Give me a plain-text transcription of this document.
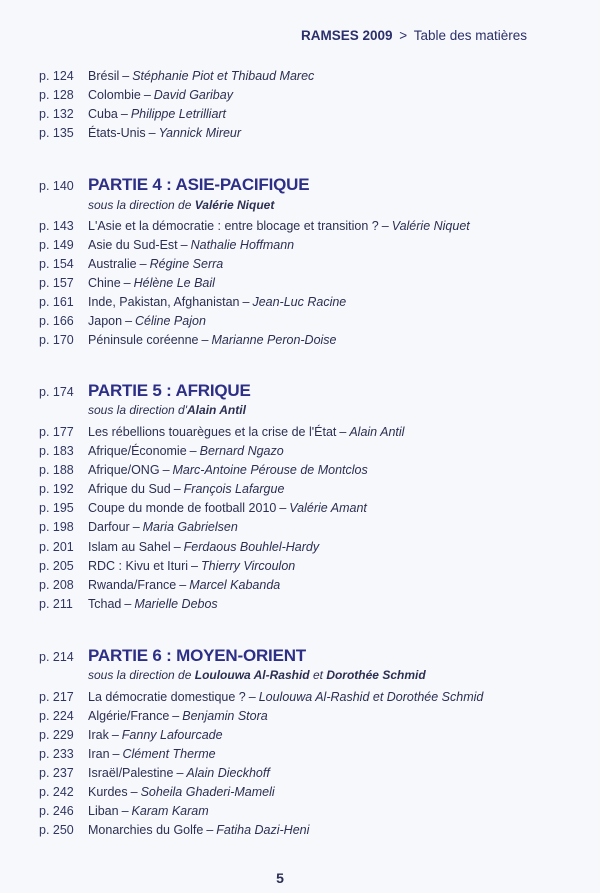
RAMSES 2009 > Table des matières
p. 124 Brésil – Stéphanie Piot et Thibaud Marec
p. 128 Colombie – David Garibay
p. 132 Cuba – Philippe Letrilliart
p. 135 États-Unis – Yannick Mireur
p. 140 PARTIE 4 : ASIE-PACIFIQUE
sous la direction de Valérie Niquet
p. 143 L'Asie et la démocratie : entre blocage et transition ? – Valérie Niquet
p. 149 Asie du Sud-Est – Nathalie Hoffmann
p. 154 Australie – Régine Serra
p. 157 Chine – Hélène Le Bail
p. 161 Inde, Pakistan, Afghanistan – Jean-Luc Racine
p. 166 Japon – Céline Pajon
p. 170 Péninsule coréenne – Marianne Peron-Doise
p. 174 PARTIE 5 : AFRIQUE
sous la direction d'Alain Antil
p. 177 Les rébellions touarègues et la crise de l'État – Alain Antil
p. 183 Afrique/Économie – Bernard Ngazo
p. 188 Afrique/ONG – Marc-Antoine Pérouse de Montclos
p. 192 Afrique du Sud – François Lafargue
p. 195 Coupe du monde de football 2010 – Valérie Amant
p. 198 Darfour – Maria Gabrielsen
p. 201 Islam au Sahel – Ferdaous Bouhlel-Hardy
p. 205 RDC : Kivu et Ituri – Thierry Vircoulon
p. 208 Rwanda/France – Marcel Kabanda
p. 211 Tchad – Marielle Debos
p. 214 PARTIE 6 : MOYEN-ORIENT
sous la direction de Loulouwa Al-Rashid et Dorothée Schmid
p. 217 La démocratie domestique ? – Loulouwa Al-Rashid et Dorothée Schmid
p. 224 Algérie/France – Benjamin Stora
p. 229 Irak – Fanny Lafourcade
p. 233 Iran – Clément Therme
p. 237 Israël/Palestine – Alain Dieckhoff
p. 242 Kurdes – Soheila Ghaderi-Mameli
p. 246 Liban – Karam Karam
p. 250 Monarchies du Golfe – Fatiha Dazi-Heni
5
